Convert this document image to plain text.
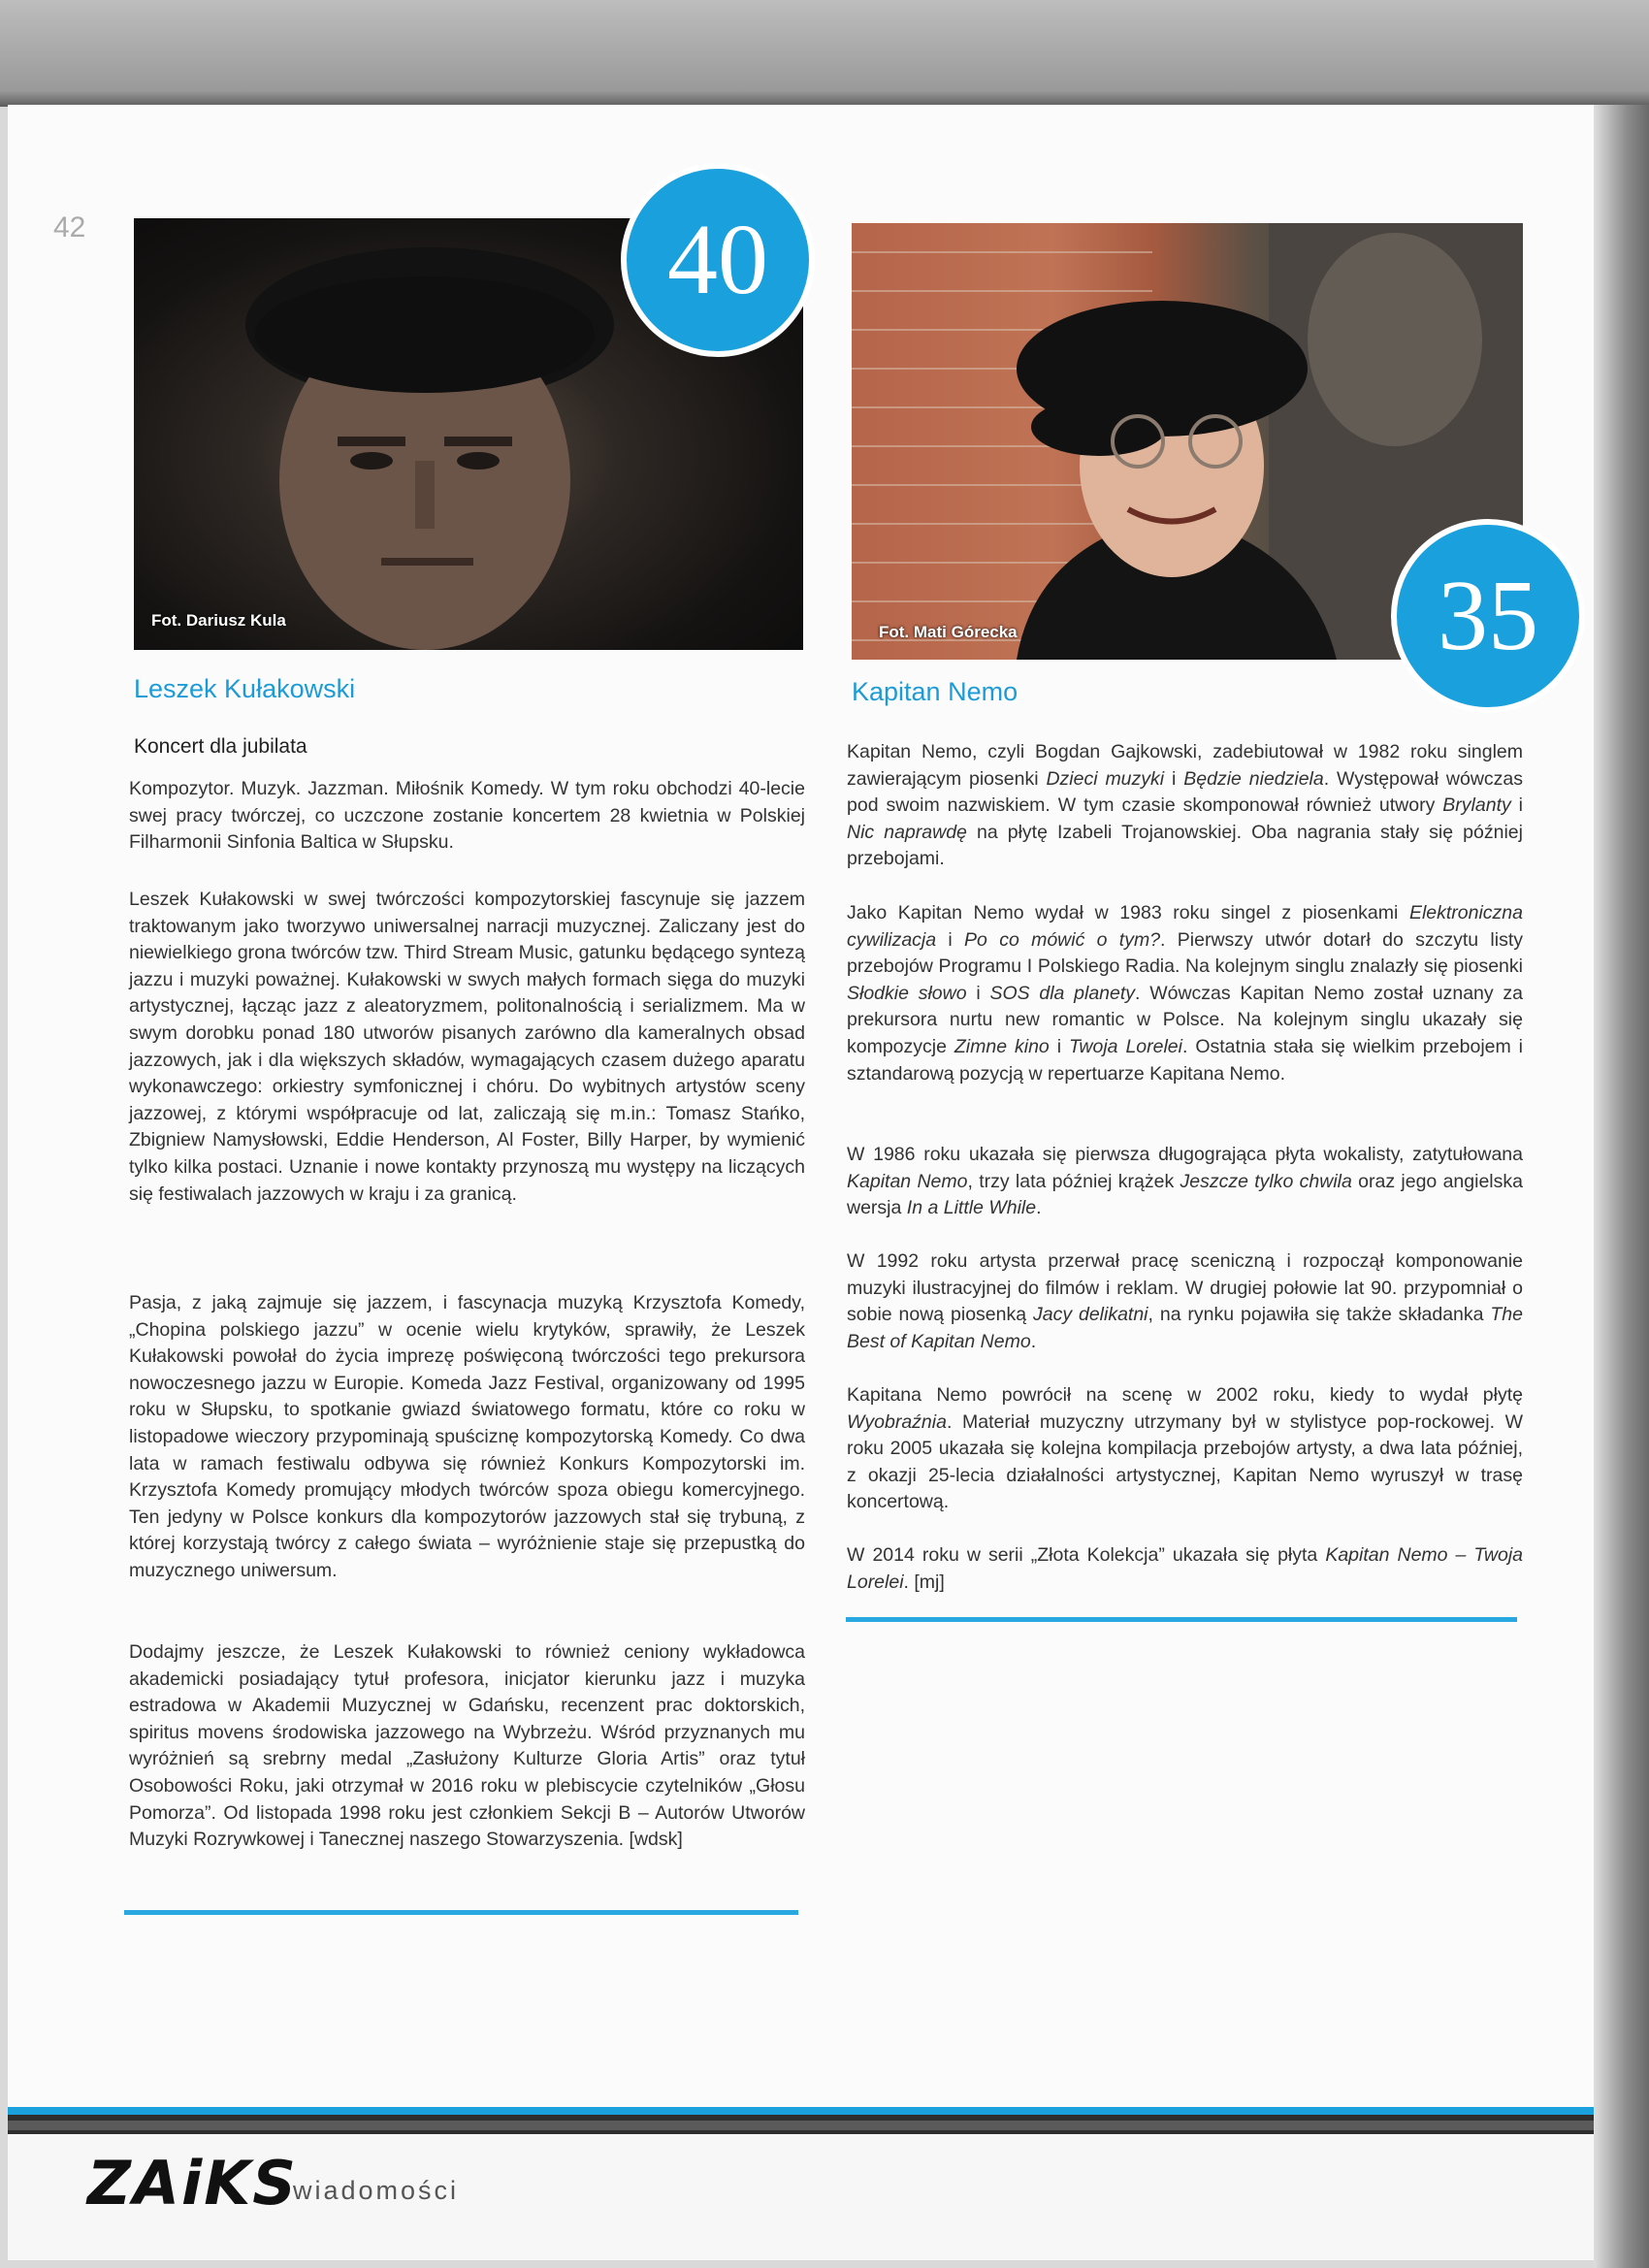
42
Fot. Dariusz Kula
40
Leszek Kułakowski
Koncert dla jubilata

Kompozytor. Muzyk. Jazzman. Miłośnik Komedy. W tym roku obchodzi 40-lecie swej pracy twórczej, co uczczone zostanie koncertem 28 kwietnia w Polskiej Filharmonii Sinfonia Baltica w Słupsku.

Leszek Kułakowski w swej twórczości kompozytorskiej fascynuje się jazzem traktowanym jako tworzywo uniwersalnej narracji muzycznej. Zaliczany jest do niewielkiego grona twórców tzw. Third Stream Music, gatunku będącego syntezą jazzu i muzyki poważnej. Kułakowski w swych małych formach sięga do muzyki artystycznej, łącząc jazz z aleatoryzmem, politonalnością i serializmem. Ma w swym dorobku ponad 180 utworów pisanych zarówno dla kameralnych obsad jazzowych, jak i dla większych składów, wymagających czasem dużego aparatu wykonawczego: orkiestry symfonicznej i chóru. Do wybitnych artystów sceny jazzowej, z którymi współpracuje od lat, zaliczają się m.in.: Tomasz Stańko, Zbigniew Namysłowski, Eddie Henderson, Al Foster, Billy Harper, by wymienić tylko kilka postaci. Uznanie i nowe kontakty przynoszą mu występy na liczących się festiwalach jazzowych w kraju i za granicą.

Pasja, z jaką zajmuje się jazzem, i fascynacja muzyką Krzysztofa Komedy, „Chopina polskiego jazzu” w ocenie wielu krytyków, sprawiły, że Leszek Kułakowski powołał do życia imprezę poświęconą twórczości tego prekursora nowoczesnego jazzu w Europie. Komeda Jazz Festival, organizowany od 1995 roku w Słupsku, to spotkanie gwiazd światowego formatu, które co roku w listopadowe wieczory przypominają spuściznę kompozytorską Komedy. Co dwa lata w ramach festiwalu odbywa się również Konkurs Kompozytorski im. Krzysztofa Komedy promujący młodych twórców spoza obiegu komercyjnego. Ten jedyny w Polsce konkurs dla kompozytorów jazzowych stał się trybuną, z której korzystają twórcy z całego świata – wyróżnienie staje się przepustką do muzycznego uniwersum.

Dodajmy jeszcze, że Leszek Kułakowski to również ceniony wykładowca akademicki posiadający tytuł profesora, inicjator kierunku jazz i muzyka estradowa w Akademii Muzycznej w Gdańsku, recenzent prac doktorskich, spiritus movens środowiska jazzowego na Wybrzeżu. Wśród przyznanych mu wyróżnień są srebrny medal „Zasłużony Kulturze Gloria Artis” oraz tytuł Osobowości Roku, jaki otrzymał w 2016 roku w plebiscycie czytelników „Głosu Pomorza”. Od listopada 1998 roku jest członkiem Sekcji B – Autorów Utworów Muzyki Rozrywkowej i Tanecznej naszego Stowarzyszenia. [wdsk]

Fot. Mati Górecka	35
Kapitan Nemo

Kapitan Nemo, czyli Bogdan Gajkowski, zadebiutował w 1982 roku singlem zawierającym piosenki Dzieci muzyki i Będzie niedziela. Występował wówczas pod swoim nazwiskiem. W tym czasie skomponował również utwory Brylanty i Nic naprawdę na płytę Izabeli Trojanowskiej. Oba nagrania stały się później przebojami.

Jako Kapitan Nemo wydał w 1983 roku singel z piosenkami Elektroniczna cywilizacja i Po co mówić o tym?. Pierwszy utwór dotarł do szczytu listy przebojów Programu I Polskiego Radia. Na kolejnym singlu znalazły się piosenki Słodkie słowo i SOS dla planety. Wówczas Kapitan Nemo został uznany za prekursora nurtu new romantic w Polsce. Na kolejnym singlu ukazały się kompozycje Zimne kino i Twoja Lorelei. Ostatnia stała się wielkim przebojem i sztandarową pozycją w repertuarze Kapitana Nemo.

W 1986 roku ukazała się pierwsza długogrająca płyta wokalisty, zatytułowana Kapitan Nemo, trzy lata później krążek Jeszcze tylko chwila oraz jego angielska wersja In a Little While.

W 1992 roku artysta przerwał pracę sceniczną i rozpoczął komponowanie muzyki ilustracyjnej do filmów i reklam. W drugiej połowie lat 90. przypomniał o sobie nową piosenką Jacy delikatni, na rynku pojawiła się także składanka The Best of Kapitan Nemo.

Kapitana Nemo powrócił na scenę w 2002 roku, kiedy to wydał płytę Wyobraźnia. Materiał muzyczny utrzymany był w stylistyce pop-rockowej. W roku 2005 ukazała się kolejna kompilacja przebojów artysty, a dwa lata później, z okazji 25-lecia działalności artystycznej, Kapitan Nemo wyruszył w trasę koncertową.

W 2014 roku w serii „Złota Kolekcja” ukazała się płyta Kapitan Nemo – Twoja Lorelei. [mj]

ZAiKS
wiadomości
